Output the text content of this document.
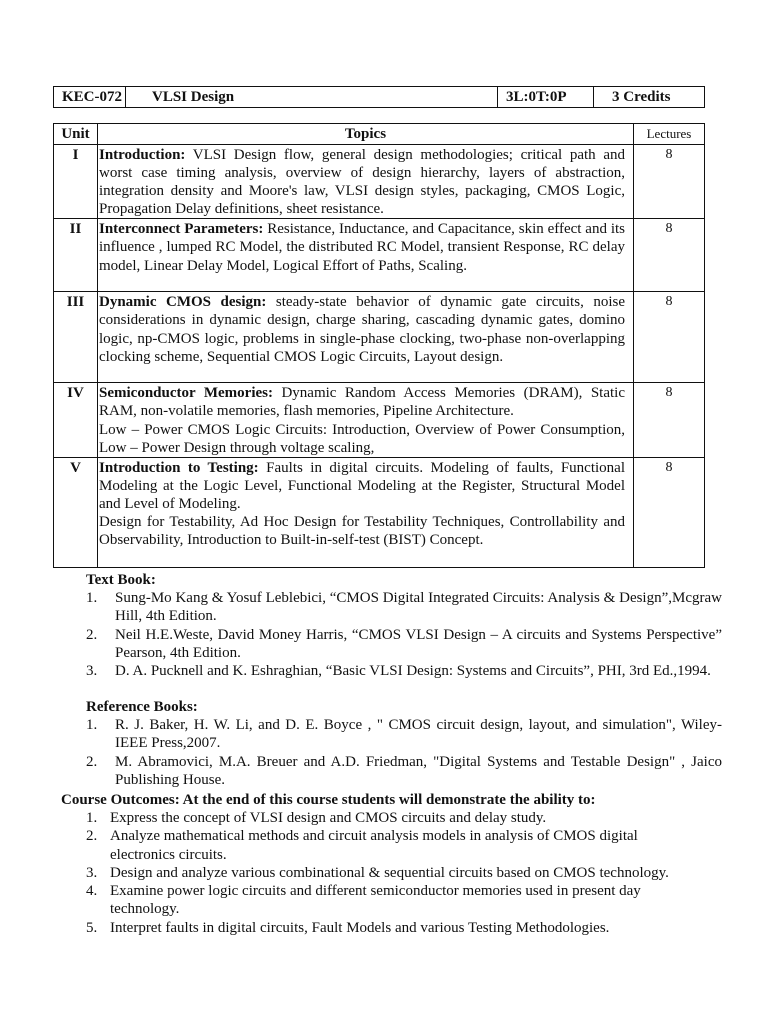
KEC-072	VLSI Design	3L:0T:0P	3 Credits
Unit	Topics	Lectures
I	Introduction: VLSI Design flow, general design methodologies; critical path and worst case timing analysis, overview of design hierarchy, layers of abstraction, integration density and Moore's law, VLSI design styles, packaging, CMOS Logic, Propagation Delay definitions, sheet resistance.	8
II	Interconnect Parameters: Resistance, Inductance, and Capacitance, skin effect and its influence , lumped RC Model, the distributed RC Model, transient Response, RC delay model, Linear Delay Model, Logical Effort of Paths, Scaling.	8
III	Dynamic CMOS design: steady-state behavior of dynamic gate circuits, noise considerations in dynamic design, charge sharing, cascading dynamic gates, domino logic, np-CMOS logic, problems in single-phase clocking, two-phase non-overlapping clocking scheme, Sequential CMOS Logic Circuits, Layout design.	8
IV	Semiconductor Memories: Dynamic Random Access Memories (DRAM), Static RAM, non-volatile memories, flash memories, Pipeline Architecture.
Low – Power CMOS Logic Circuits: Introduction, Overview of Power Consumption, Low – Power Design through voltage scaling,	8
V	Introduction to Testing: Faults in digital circuits. Modeling of faults, Functional Modeling at the Logic Level, Functional Modeling at the Register, Structural Model and Level of Modeling.
Design for Testability, Ad Hoc Design for Testability Techniques, Controllability and Observability, Introduction to Built-in-self-test (BIST) Concept.	8
Text Book:
1. Sung-Mo Kang & Yosuf Leblebici, “CMOS Digital Integrated Circuits: Analysis & Design”,Mcgraw Hill, 4th Edition.
2. Neil H.E.Weste, David Money Harris, “CMOS VLSI Design – A circuits and Systems Perspective” Pearson, 4th Edition.
3. D. A. Pucknell and K. Eshraghian, “Basic VLSI Design: Systems and Circuits”, PHI, 3rd Ed.,1994.
Reference Books:
1. R. J. Baker, H. W. Li, and D. E. Boyce , " CMOS circuit design, layout, and simulation", Wiley-IEEE Press,2007.
2. M. Abramovici, M.A. Breuer and A.D. Friedman, "Digital Systems and Testable Design" , Jaico Publishing House.
Course Outcomes: At the end of this course students will demonstrate the ability to:
1. Express the concept of VLSI design and CMOS circuits and delay study.
2. Analyze mathematical methods and circuit analysis models in analysis of CMOS digital electronics circuits.
3. Design and analyze various combinational & sequential circuits based on CMOS technology.
4. Examine power logic circuits and different semiconductor memories used in present day technology.
5. Interpret faults in digital circuits, Fault Models and various Testing Methodologies.
